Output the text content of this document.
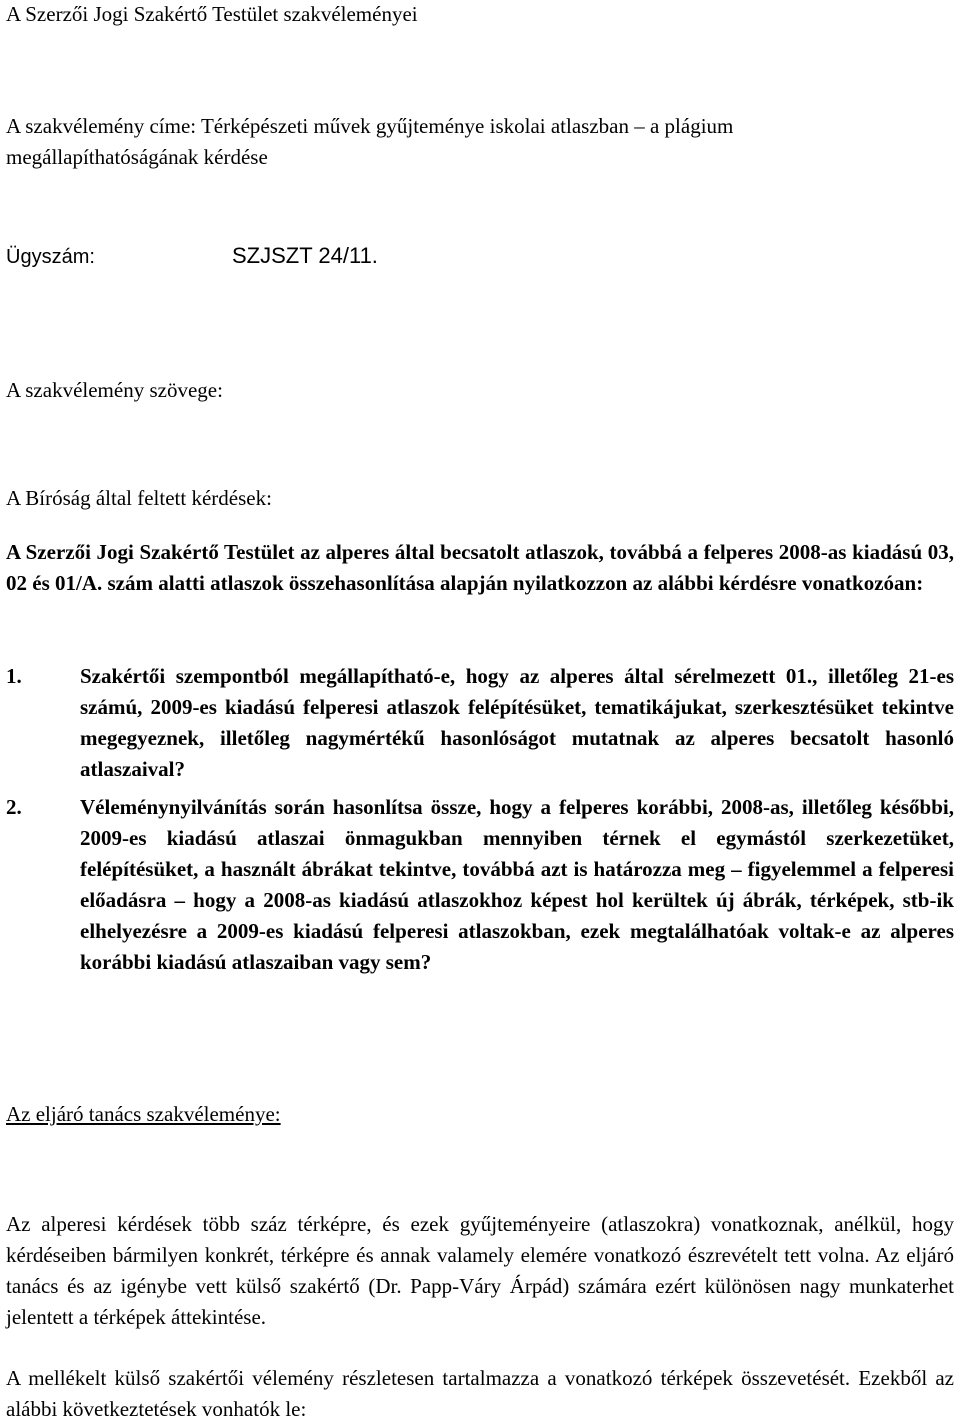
A Szerzői Jogi Szakértő Testület szakvéleményei
A szakvélemény címe: Térképészeti művek gyűjteménye iskolai atlaszban – a plágium
megállapíthatóságának kérdése
Ügyszám:	SZJSZT 24/11.
A szakvélemény szövege:
A Bíróság által feltett kérdések:
A Szerzői Jogi Szakértő Testület az alperes által becsatolt atlaszok, továbbá a felperes 2008-as kiadású 03, 02 és 01/A. szám alatti atlaszok összehasonlítása alapján nyilatkozzon az alábbi kérdésre vonatkozóan:
1.	Szakértői szempontból megállapítható-e, hogy az alperes által sérelmezett 01., illetőleg 21-es számú, 2009-es kiadású felperesi atlaszok felépítésüket, tematikájukat, szerkesztésüket tekintve megegyeznek, illetőleg nagymértékű hasonlóságot mutatnak az alperes becsatolt hasonló atlaszaival?
2.	Véleménynyilvánítás során hasonlítsa össze, hogy a felperes korábbi, 2008-as, illetőleg későbbi, 2009-es kiadású atlaszai önmagukban mennyiben térnek el egymástól szerkezetüket, felépítésüket, a használt ábrákat tekintve, továbbá azt is határozza meg – figyelemmel a felperesi előadásra – hogy a 2008-as kiadású atlaszokhoz képest hol kerültek új ábrák, térképek, stb-ik elhelyezésre a 2009-es kiadású felperesi atlaszokban, ezek megtalálhatóak voltak-e az alperes korábbi kiadású atlaszaiban vagy sem?
Az eljáró tanács szakvéleménye:
Az alperesi kérdések több száz térképre, és ezek gyűjteményeire (atlaszokra) vonatkoznak, anélkül, hogy kérdéseiben bármilyen konkrét, térképre és annak valamely elemére vonatkozó észrevételt tett volna. Az eljáró tanács és az igénybe vett külső szakértő (Dr. Papp-Váry Árpád) számára ezért különösen nagy munkaterhet jelentett a térképek áttekintése.
A mellékelt külső szakértői vélemény részletesen tartalmazza a vonatkozó térképek összevetését. Ezekből az alábbi következtetések vonhatók le:
